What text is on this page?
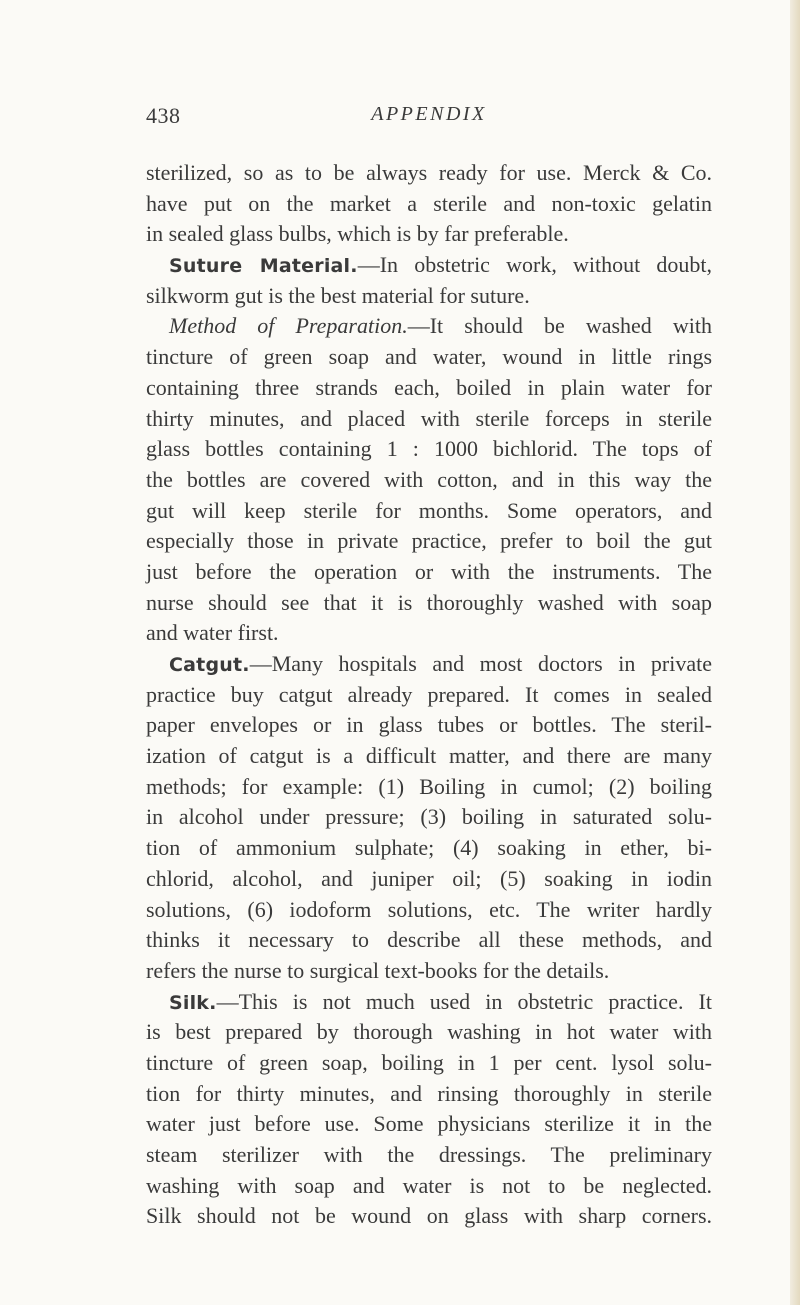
438	APPENDIX
sterilized, so as to be always ready for use. Merck & Co.
have put on the market a sterile and non-toxic gelatin
in sealed glass bulbs, which is by far preferable.
Suture Material.—In obstetric work, without doubt,
silkworm gut is the best material for suture.
Method of Preparation.—It should be washed with
tincture of green soap and water, wound in little rings
containing three strands each, boiled in plain water for
thirty minutes, and placed with sterile forceps in sterile
glass bottles containing 1 : 1000 bichlorid. The tops of
the bottles are covered with cotton, and in this way the
gut will keep sterile for months. Some operators, and
especially those in private practice, prefer to boil the gut
just before the operation or with the instruments. The
nurse should see that it is thoroughly washed with soap
and water first.
Catgut.—Many hospitals and most doctors in private
practice buy catgut already prepared. It comes in sealed
paper envelopes or in glass tubes or bottles. The steril-
ization of catgut is a difficult matter, and there are many
methods; for example: (1) Boiling in cumol; (2) boiling
in alcohol under pressure; (3) boiling in saturated solu-
tion of ammonium sulphate; (4) soaking in ether, bi-
chlorid, alcohol, and juniper oil; (5) soaking in iodin
solutions, (6) iodoform solutions, etc. The writer hardly
thinks it necessary to describe all these methods, and
refers the nurse to surgical text-books for the details.
Silk.—This is not much used in obstetric practice. It
is best prepared by thorough washing in hot water with
tincture of green soap, boiling in 1 per cent. lysol solu-
tion for thirty minutes, and rinsing thoroughly in sterile
water just before use. Some physicians sterilize it in the
steam sterilizer with the dressings. The preliminary
washing with soap and water is not to be neglected.
Silk should not be wound on glass with sharp corners.
